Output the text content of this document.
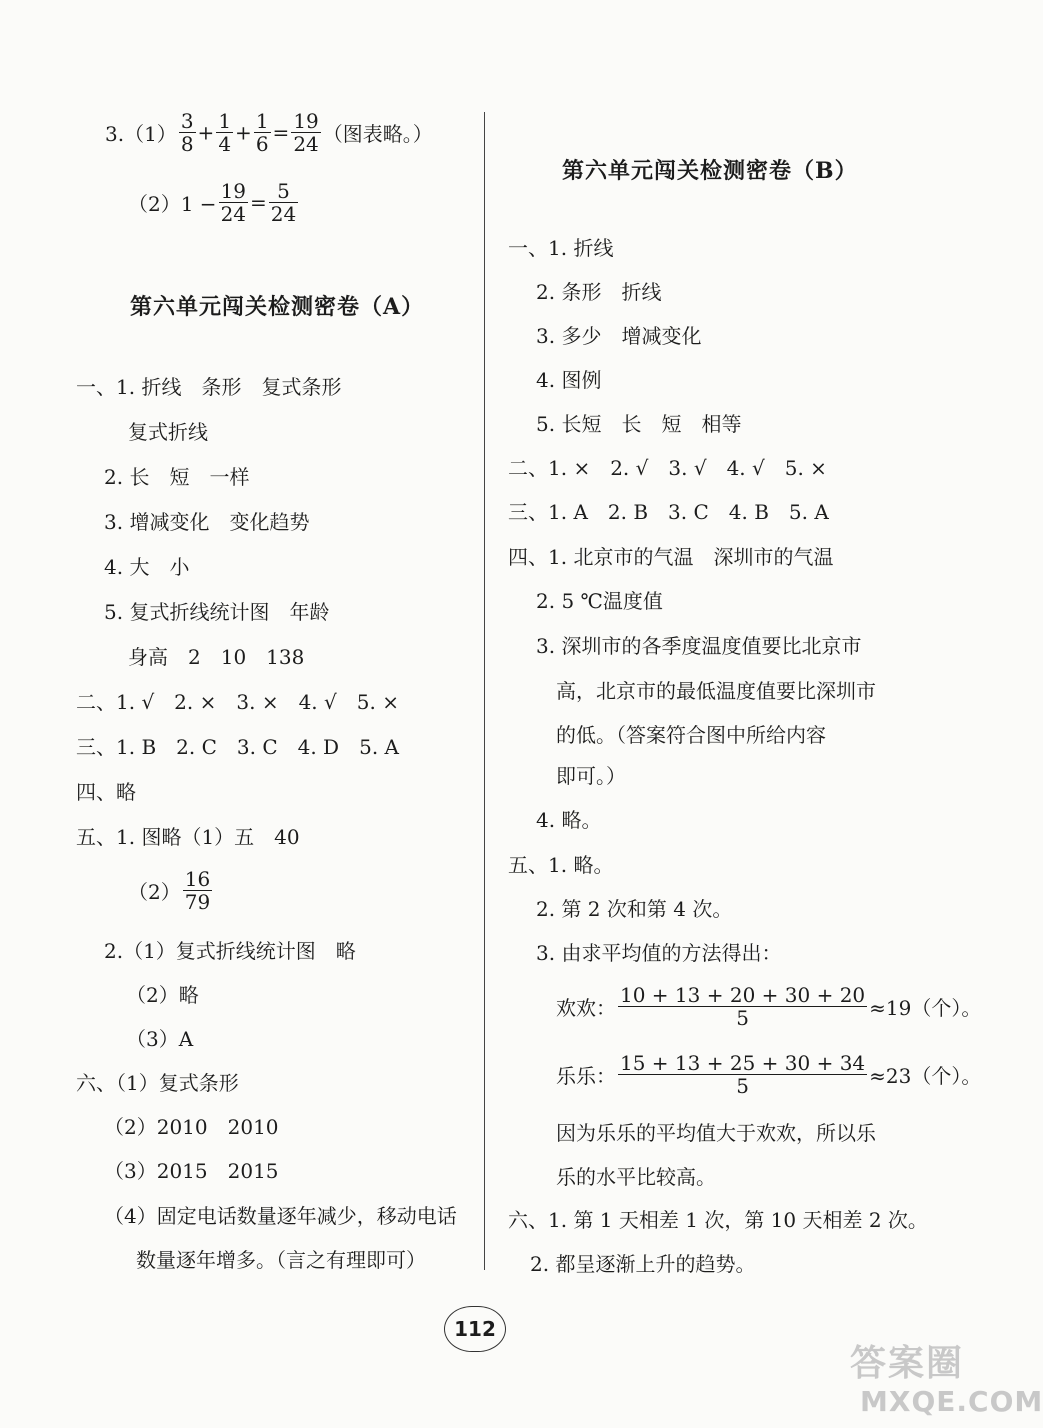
$3.(1) \frac{3}{8} + \frac{1}{4} + \frac{1}{6} = \frac{19}{24}$ （图表略。）
$(2)1 - \frac{19}{24} = \frac{5}{24}$
第六单元闯关检测密卷（A）
一、1. 折线　条形　复式条形
复式折线
2. 长　短　一样
3. 增减变化　变化趋势
4. 大　小
5. 复式折线统计图　年龄
身高　2　10　138
二、1. √　2. ×　3. ×　4. √　5. ×
三、1. B　2. C　3. C　4. D　5. A
四、略
五、1. 图略（1）五　40
$(2) \frac{16}{79}$
2.（1）复式折线统计图　略
（2）略
（3）A
六、（1）复式条形
（2）2010　2010
（3）2015　2015
（4）固定电话数量逐年减少，移动电话
数量逐年增多。（言之有理即可）
第六单元闯关检测密卷（B）
一、1. 折线
2. 条形　折线
3. 多少　增减变化
4. 图例
5. 长短　长　短　相等
二、1. ×　2. √　3. √　4. √　5. ×
三、1. A　2. B　3. C　4. B　5. A
四、1. 北京市的气温　深圳市的气温
2. 5 ℃温度值
3. 深圳市的各季度温度值要比北京市
高，北京市的最低温度值要比深圳市
的低。（答案符合图中所给内容
即可。）
4. 略。
五、1. 略。
2. 第 2 次和第 4 次。
3. 由求平均值的方法得出：
欢欢： $\frac{10 + 13 + 20 + 30 + 20}{5} \approx 19$（个）。
乐乐： $\frac{15 + 13 + 25 + 30 + 34}{5} \approx 23$（个）。
因为乐乐的平均值大于欢欢，所以乐
乐的水平比较高。
六、1. 第 1 天相差 1 次，第 10 天相差 2 次。
2. 都呈逐渐上升的趋势。
112
答案圈
MXQE.COM
